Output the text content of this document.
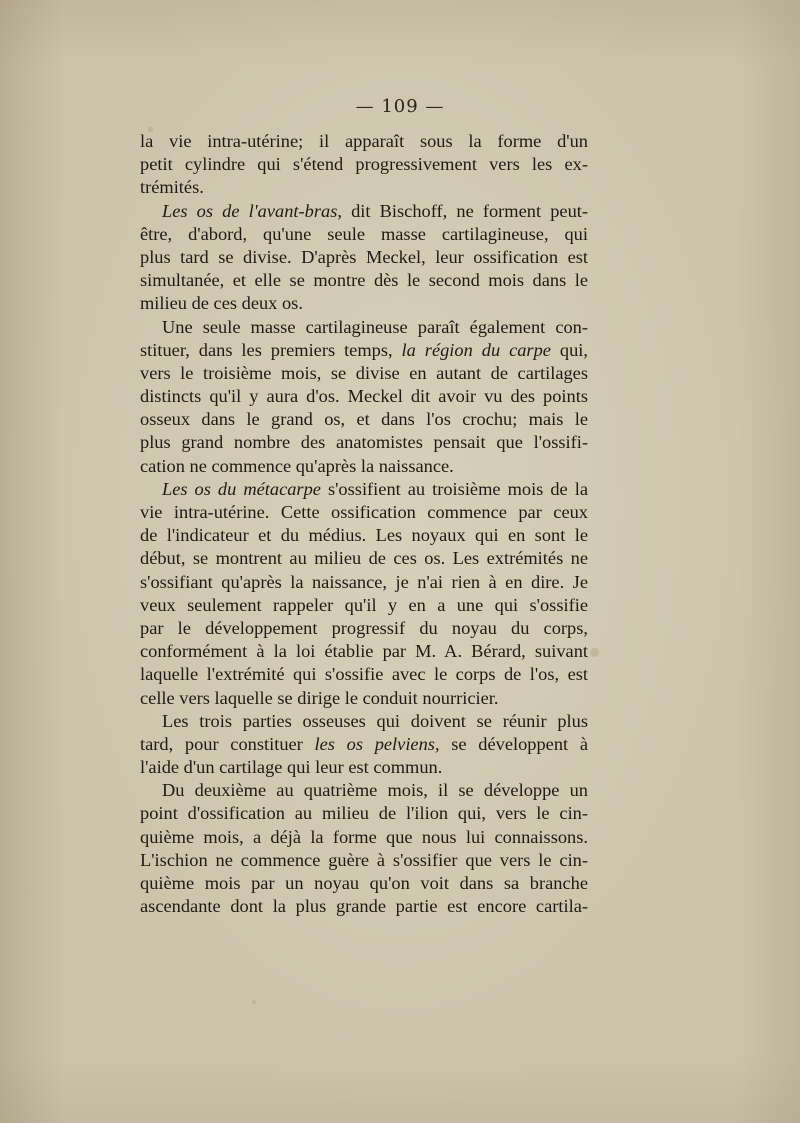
— 109 —
la vie intra-utérine; il apparaît sous la forme d'un
petit cylindre qui s'étend progressivement vers les ex-
trémités.
Les os de l'avant-bras, dit Bischoff, ne forment peut-
être, d'abord, qu'une seule masse cartilagineuse, qui
plus tard se divise. D'après Meckel, leur ossification est
simultanée, et elle se montre dès le second mois dans le
milieu de ces deux os.
Une seule masse cartilagineuse paraît également con-
stituer, dans les premiers temps, la région du carpe qui,
vers le troisième mois, se divise en autant de cartilages
distincts qu'il y aura d'os. Meckel dit avoir vu des points
osseux dans le grand os, et dans l'os crochu; mais le
plus grand nombre des anatomistes pensait que l'ossifi-
cation ne commence qu'après la naissance.
Les os du métacarpe s'ossifient au troisième mois de la
vie intra-utérine. Cette ossification commence par ceux
de l'indicateur et du médius. Les noyaux qui en sont le
début, se montrent au milieu de ces os. Les extrémités ne
s'ossifiant qu'après la naissance, je n'ai rien à en dire. Je
veux seulement rappeler qu'il y en a une qui s'ossifie
par le développement progressif du noyau du corps,
conformément à la loi établie par M. A. Bérard, suivant
laquelle l'extrémité qui s'ossifie avec le corps de l'os, est
celle vers laquelle se dirige le conduit nourricier.
Les trois parties osseuses qui doivent se réunir plus
tard, pour constituer les os pelviens, se développent à
l'aide d'un cartilage qui leur est commun.
Du deuxième au quatrième mois, il se développe un
point d'ossification au milieu de l'ilion qui, vers le cin-
quième mois, a déjà la forme que nous lui connaissons.
L'ischion ne commence guère à s'ossifier que vers le cin-
quième mois par un noyau qu'on voit dans sa branche
ascendante dont la plus grande partie est encore cartila-
